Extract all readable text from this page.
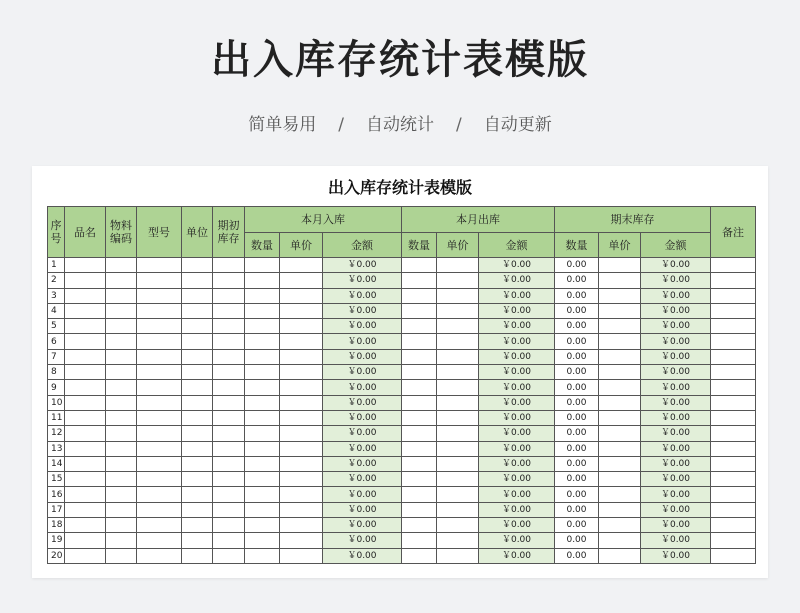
出入库存统计表模版
简单易用 / 自动统计 / 自动更新
出入库存统计表模版
序号	品名	物料编码	型号	单位	期初库存	本月入库			本月出库			期末库存			备注
						数量	单价	金额	数量	单价	金额	数量	单价	金额	
1								￥0.00			￥0.00	0.00		￥0.00	
2								￥0.00			￥0.00	0.00		￥0.00	
3								￥0.00			￥0.00	0.00		￥0.00	
4								￥0.00			￥0.00	0.00		￥0.00	
5								￥0.00			￥0.00	0.00		￥0.00	
6								￥0.00			￥0.00	0.00		￥0.00	
7								￥0.00			￥0.00	0.00		￥0.00	
8								￥0.00			￥0.00	0.00		￥0.00	
9								￥0.00			￥0.00	0.00		￥0.00	
10								￥0.00			￥0.00	0.00		￥0.00	
11								￥0.00			￥0.00	0.00		￥0.00	
12								￥0.00			￥0.00	0.00		￥0.00	
13								￥0.00			￥0.00	0.00		￥0.00	
14								￥0.00			￥0.00	0.00		￥0.00	
15								￥0.00			￥0.00	0.00		￥0.00	
16								￥0.00			￥0.00	0.00		￥0.00	
17								￥0.00			￥0.00	0.00		￥0.00	
18								￥0.00			￥0.00	0.00		￥0.00	
19								￥0.00			￥0.00	0.00		￥0.00	
20								￥0.00			￥0.00	0.00		￥0.00	
